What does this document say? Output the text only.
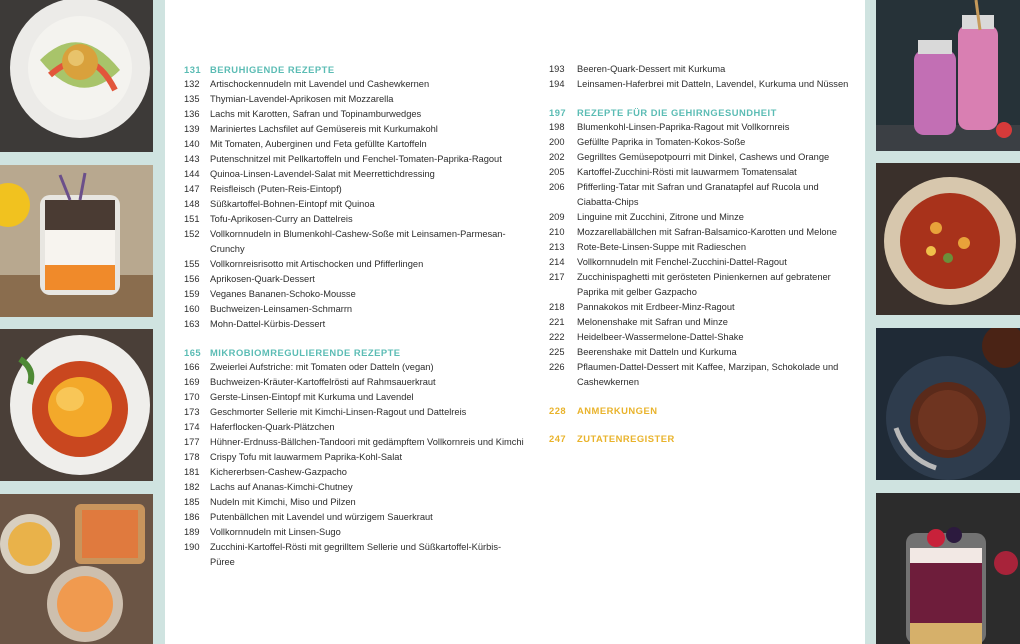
131 BERUHIGENDE REZEPTE
132	Artischockennudeln mit Lavendel und Cashewkernen
135	Thymian-Lavendel-Aprikosen mit Mozzarella
136	Lachs mit Karotten, Safran und Topinamburwedges
139	Mariniertes Lachsfilet auf Gemüsereis mit Kurkumakohl
140	Mit Tomaten, Auberginen und Feta gefüllte Kartoffeln
143	Putenschnitzel mit Pellkartoffeln und Fenchel-Tomaten-Paprika-Ragout
144	Quinoa-Linsen-Lavendel-Salat mit Meerrettichdressing
147	Reisfleisch (Puten-Reis-Eintopf)
148	Süßkartoffel-Bohnen-Eintopf mit Quinoa
151	Tofu-Aprikosen-Curry an Dattelreis
152	Vollkornnudeln in Blumenkohl-Cashew-Soße mit Leinsamen-Parmesan-Crunchy
155	Vollkornreisrisotto mit Artischocken und Pfifferlingen
156	Aprikosen-Quark-Dessert
159	Veganes Bananen-Schoko-Mousse
160	Buchweizen-Leinsamen-Schmarrn
163	Mohn-Dattel-Kürbis-Dessert
165 MIKROBIOMREGULIERENDE REZEPTE
166	Zweierlei Aufstriche: mit Tomaten oder Datteln (vegan)
169	Buchweizen-Kräuter-Kartoffelrösti auf Rahmsauerkraut
170	Gerste-Linsen-Eintopf mit Kurkuma und Lavendel
173	Geschmorter Sellerie mit Kimchi-Linsen-Ragout und Dattelreis
174	Haferflocken-Quark-Plätzchen
177	Hühner-Erdnuss-Bällchen-Tandoori mit gedämpftem Vollkornreis und Kimchi
178	Crispy Tofu mit lauwarmem Paprika-Kohl-Salat
181	Kichererbsen-Cashew-Gazpacho
182	Lachs auf Ananas-Kimchi-Chutney
185	Nudeln mit Kimchi, Miso und Pilzen
186	Putenbällchen mit Lavendel und würzigem Sauerkraut
189	Vollkornnudeln mit Linsen-Sugo
190	Zucchini-Kartoffel-Rösti mit gegrilltem Sellerie und Süßkartoffel-Kürbis-Püree
193	Beeren-Quark-Dessert mit Kurkuma
194	Leinsamen-Haferbrei mit Datteln, Lavendel, Kurkuma und Nüssen
197	REZEPTE FÜR DIE GEHIRNGESUNDHEIT
198	Blumenkohl-Linsen-Paprika-Ragout mit Vollkornreis
200	Gefüllte Paprika in Tomaten-Kokos-Soße
202	Gegrilltes Gemüsepotpourri mit Dinkel, Cashews und Orange
205	Kartoffel-Zucchini-Rösti mit lauwarmem Tomatensalat
206	Pfifferling-Tatar mit Safran und Granatapfel auf Rucola und Ciabatta-Chips
209	Linguine mit Zucchini, Zitrone und Minze
210	Mozzarellabällchen mit Safran-Balsamico-Karotten und Melone
213	Rote-Bete-Linsen-Suppe mit Radieschen
214	Vollkornnudeln mit Fenchel-Zucchini-Dattel-Ragout
217	Zucchinispaghetti mit gerösteten Pinienkernen auf gebratener Paprika mit gelber Gazpacho
218	Pannakokos mit Erdbeer-Minz-Ragout
221	Melonenshake mit Safran und Minze
222	Heidelbeer-Wassermelone-Dattel-Shake
225	Beerenshake mit Datteln und Kurkuma
226	Pflaumen-Dattel-Dessert mit Kaffee, Marzipan, Schokolade und Cashewkernen
228	ANMERKUNGEN
247	ZUTATENREGISTER
